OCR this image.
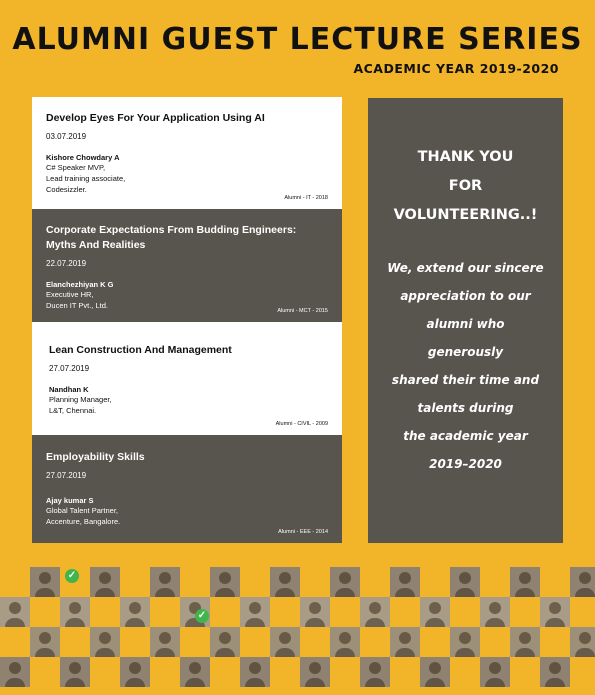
ALUMNI GUEST LECTURE SERIES
ACADEMIC YEAR 2019-2020
Develop Eyes For Your Application Using AI
03.07.2019
Kishore Chowdary A
C# Speaker MVP,
Lead training associate,
Codesizzler.
Alumni - IT - 2018
Corporate Expectations From Budding Engineers: Myths And Realities
22.07.2019
Elanchezhiyan K G
Executive HR,
Ducen IT Pvt., Ltd.
Alumni - MCT - 2015
Lean Construction And Management
27.07.2019
Nandhan K
Planning Manager,
L&T, Chennai.
Alumni - CIVIL - 2009
Employability Skills
27.07.2019
Ajay kumar S
Global Talent Partner,
Accenture, Bangalore.
Alumni - EEE - 2014
THANK YOU
FOR
VOLUNTEERING..!
We, extend our sincere
appreciation to our
alumni who
generously
shared their time and
talents during
the academic year
2019–2020
✓
✓
